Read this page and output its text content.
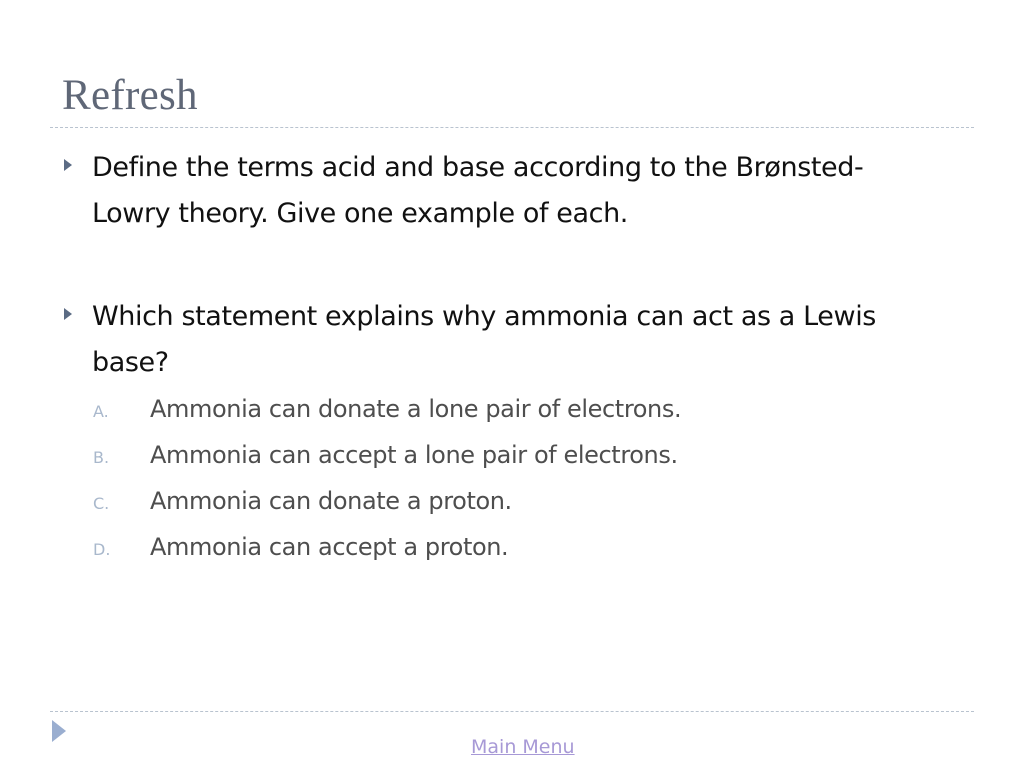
Refresh

Define the terms acid and base according to the Brønsted-Lowry theory. Give one example of each.

Which statement explains why ammonia can act as a Lewis base?

A. Ammonia can donate a lone pair of electrons.
B. Ammonia can accept a lone pair of electrons.
C. Ammonia can donate a proton.
D. Ammonia can accept a proton.
Main Menu
